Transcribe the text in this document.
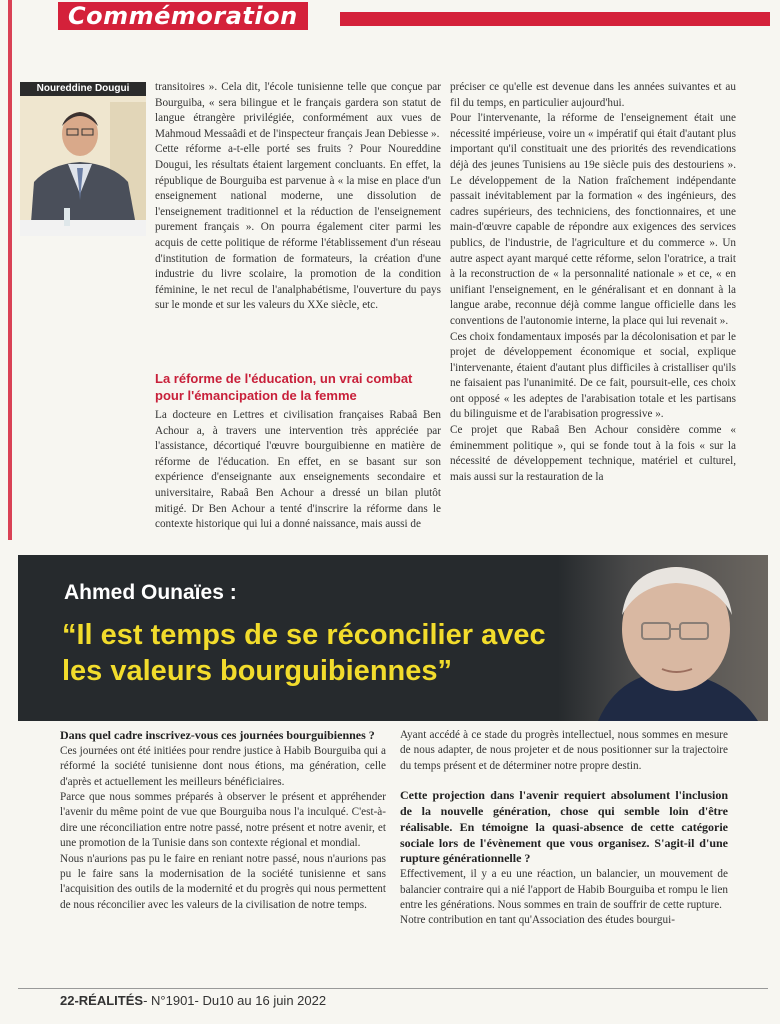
Commémoration
Noureddine Dougui	transitoires ». Cela dit, l'école tunisienne telle que conçue par Bourguiba, « sera bilingue et le français gardera son statut de langue étrangère privilégiée, conformément aux vues de Mahmoud Messaâdi et de l'inspecteur français Jean Debiesse ».

Cette réforme a-t-elle porté ses fruits ? Pour Noureddine Dougui, les résultats étaient largement concluants. En effet, la république de Bourguiba est parvenue à « la mise en place d'un enseignement national moderne, une dissolution de l'enseignement traditionnel et la réduction de l'enseignement purement français ». On pourra également citer parmi les acquis de cette politique de réforme l'établissement d'un réseau d'institution de formation de formateurs, la création d'une industrie du livre scolaire, la promotion de la condition féminine, le net recul de l'analphabétisme, l'ouverture du pays sur le monde et sur les valeurs du XXe siècle, etc.

La réforme de l'éducation, un vrai combat pour l'émancipation de la femme

La docteure en Lettres et civilisation françaises Rabaâ Ben Achour a, à travers une intervention très appréciée par l'assistance, décortiqué l'œuvre bourguibienne en matière de réforme de l'éducation. En effet, en se basant sur son expérience d'enseignante aux enseignements secondaire et universitaire, Rabaâ Ben Achour a dressé un bilan plutôt mitigé. Dr Ben Achour a tenté d'inscrire la réforme dans le contexte historique qui lui a donné naissance, mais aussi de

préciser ce qu'elle est devenue dans les années suivantes et au fil du temps, en particulier aujourd'hui.

Pour l'intervenante, la réforme de l'enseignement était une nécessité impérieuse, voire un « impératif qui était d'autant plus important qu'il constituait une des priorités des revendications déjà des jeunes Tunisiens au 19e siècle puis des destouriens ». Le développement de la Nation fraîchement indépendante passait inévitablement par la formation « des ingénieurs, des cadres supérieurs, des techniciens, des fonctionnaires, et une main-d'œuvre capable de répondre aux exigences des services publics, de l'industrie, de l'agriculture et du commerce ». Un autre aspect ayant marqué cette réforme, selon l'oratrice, a trait à la reconstruction de « la personnalité nationale » et ce, « en unifiant l'enseignement, en le généralisant et en donnant à la langue arabe, reconnue déjà comme langue officielle dans les conventions de l'autonomie interne, la place qui lui revenait ».

Ces choix fondamentaux imposés par la décolonisation et par le projet de développement économique et social, explique l'intervenante, étaient d'autant plus difficiles à cristalliser qu'ils ne faisaient pas l'unanimité. De ce fait, poursuit-elle, ces choix ont opposé « les adeptes de l'arabisation totale et les partisans du bilinguisme et de l'arabisation progressive ».

Ce projet que Rabaâ Ben Achour considère comme « éminemment politique », qui se fonde tout à la fois « sur la nécessité de développement technique, matériel et culturel, mais aussi sur la restauration de la

Ahmed Ounaïes :
“Il est temps de se réconcilier avec les valeurs bourguibiennes”

Dans quel cadre inscrivez-vous ces journées bourguibiennes ?

Ces journées ont été initiées pour rendre justice à Habib Bourguiba qui a réformé la société tunisienne dont nous étions, ma génération, celle d'après et actuellement les meilleurs bénéficiaires.

Parce que nous sommes préparés à observer le présent et appréhender l'avenir du même point de vue que Bourguiba nous l'a inculqué. C'est-à-dire une réconciliation entre notre passé, notre présent et notre avenir, et une promotion de la Tunisie dans son contexte régional et mondial.

Nous n'aurions pas pu le faire en reniant notre passé, nous n'aurions pas pu le faire sans la modernisation de la société tunisienne et sans l'acquisition des outils de la modernité et du progrès qui nous permettent de nous réconcilier avec les valeurs de la civilisation de notre temps.

Ayant accédé à ce stade du progrès intellectuel, nous sommes en mesure de nous adapter, de nous projeter et de nous positionner sur la trajectoire du temps présent et de déterminer notre propre destin.

Cette projection dans l'avenir requiert absolument l'inclusion de la nouvelle génération, chose qui semble loin d'être réalisable. En témoigne la quasi-absence de cette catégorie sociale lors de l'évènement que vous organisez. S'agit-il d'une rupture générationnelle ?

Effectivement, il y a eu une réaction, un balancier, un mouvement de balancier contraire qui a nié l'apport de Habib Bourguiba et rompu le lien entre les générations. Nous sommes en train de souffrir de cette rupture.

Notre contribution en tant qu'Association des études bourgui-

22-RÉALITÉS- N°1901- Du10 au 16 juin 2022
